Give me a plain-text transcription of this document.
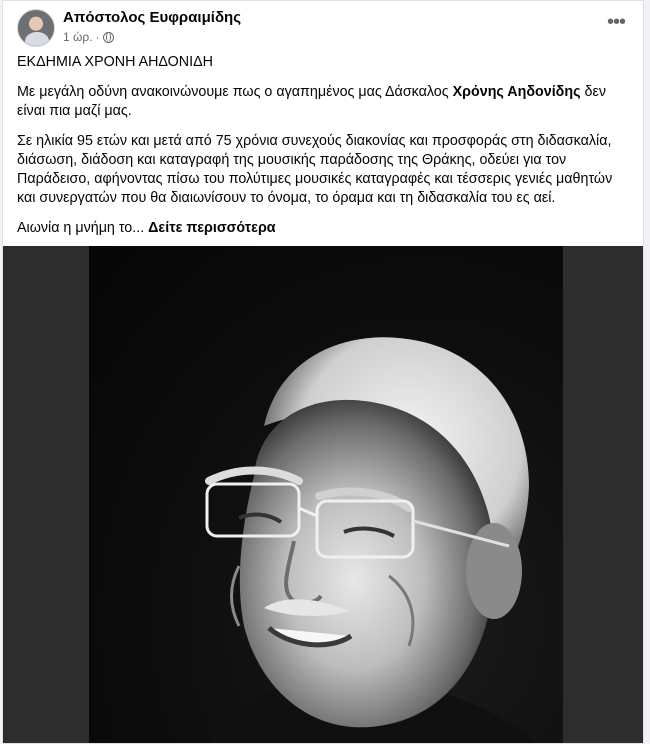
Απόστολος Ευφραιμίδης
1 ώρ. ·
•••

ΕΚΔΗΜΙΑ ΧΡΟΝΗ ΑΗΔΟΝΙΔΗ

Με μεγάλη οδύνη ανακοινώνουμε πως ο αγαπημένος μας Δάσκαλος Χρόνης Αηδονίδης δεν είναι πια μαζί μας.

Σε ηλικία 95 ετών και μετά από 75 χρόνια συνεχούς διακονίας και προσφοράς στη διδασκαλία, διάσωση, διάδοση και καταγραφή της μουσικής παράδοσης της Θράκης, οδεύει για τον Παράδεισο, αφήνοντας πίσω του πολύτιμες μουσικές καταγραφές και τέσσερις γενιές μαθητών και συνεργατών που θα διαιωνίσουν το όνομα, το όραμα και τη διδασκαλία του ες αεί.

Αιωνία η μνήμη το... Δείτε περισσότερα
